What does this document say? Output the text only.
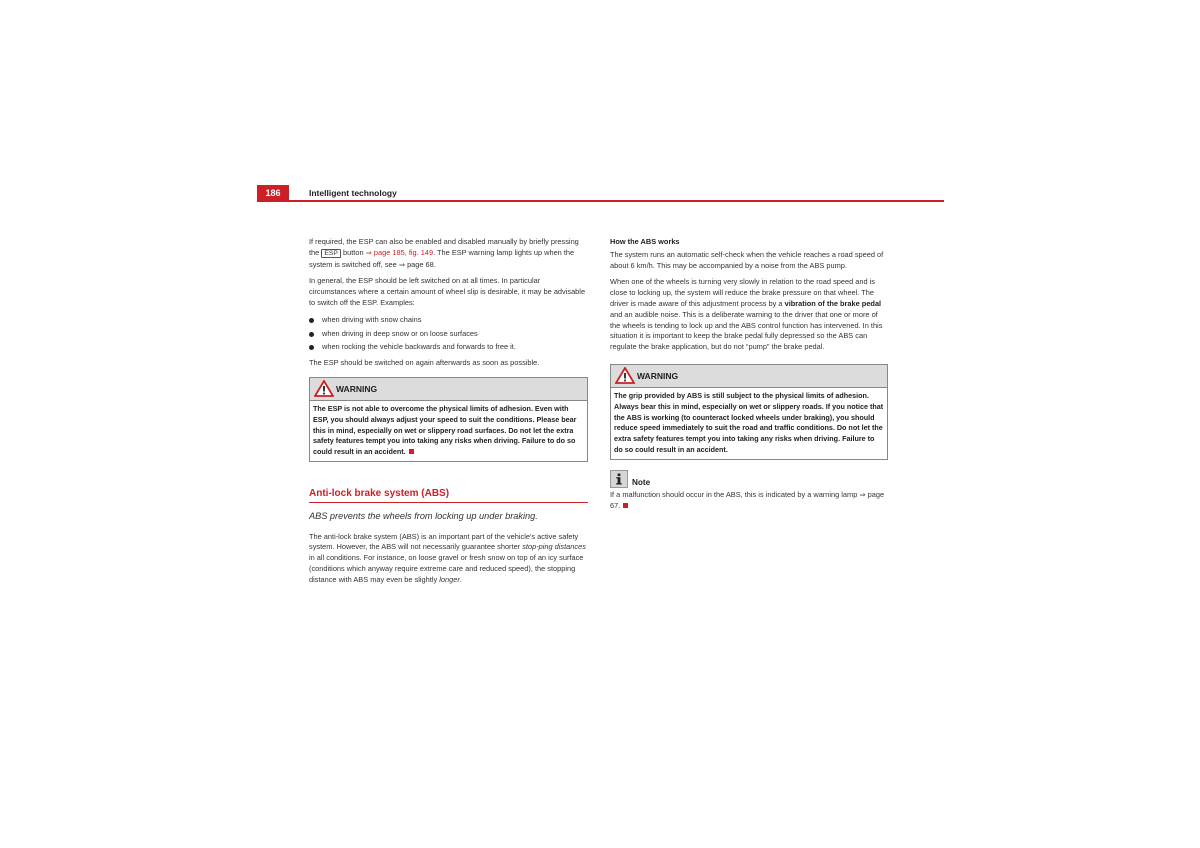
186	Intelligent technology

If required, the ESP can also be enabled and disabled manually by briefly pressing the ESP button ⇒ page 185, fig. 149. The ESP warning lamp lights up when the system is switched off, see ⇒ page 68.

In general, the ESP should be left switched on at all times. In particular circumstances where a certain amount of wheel slip is desirable, it may be advisable to switch off the ESP. Examples:

when driving with snow chains
when driving in deep snow or on loose surfaces
when rocking the vehicle backwards and forwards to free it.

The ESP should be switched on again afterwards as soon as possible.

WARNING
The ESP is not able to overcome the physical limits of adhesion. Even with ESP, you should always adjust your speed to suit the conditions. Please bear this in mind, especially on wet or slippery road surfaces. Do not let the extra safety features tempt you into taking any risks when driving. Failure to do so could result in an accident.
Anti-lock brake system (ABS)
ABS prevents the wheels from locking up under braking.

The anti-lock brake system (ABS) is an important part of the vehicle's active safety system. However, the ABS will not necessarily guarantee shorter stop-ping distances in all conditions. For instance, on loose gravel or fresh snow on top of an icy surface (conditions which anyway require extreme care and reduced speed), the stopping distance with ABS may even be slightly longer.

How the ABS works

The system runs an automatic self-check when the vehicle reaches a road speed of about 6 km/h. This may be accompanied by a noise from the ABS pump.

When one of the wheels is turning very slowly in relation to the road speed and is close to locking up, the system will reduce the brake pressure on that wheel. The driver is made aware of this adjustment process by a vibration of the brake pedal and an audible noise. This is a deliberate warning to the driver that one or more of the wheels is tending to lock up and the ABS control function has intervened. In this situation it is important to keep the brake pedal fully depressed so the ABS can regulate the brake application, but do not “pump” the brake pedal.

WARNING
The grip provided by ABS is still subject to the physical limits of adhesion. Always bear this in mind, especially on wet or slippery roads. If you notice that the ABS is working (to counteract locked wheels under braking), you should reduce speed immediately to suit the road and traffic conditions. Do not let the extra safety features tempt you into taking any risks when driving. Failure to do so could result in an accident.
Note

If a malfunction should occur in the ABS, this is indicated by a warning lamp ⇒ page 67.
